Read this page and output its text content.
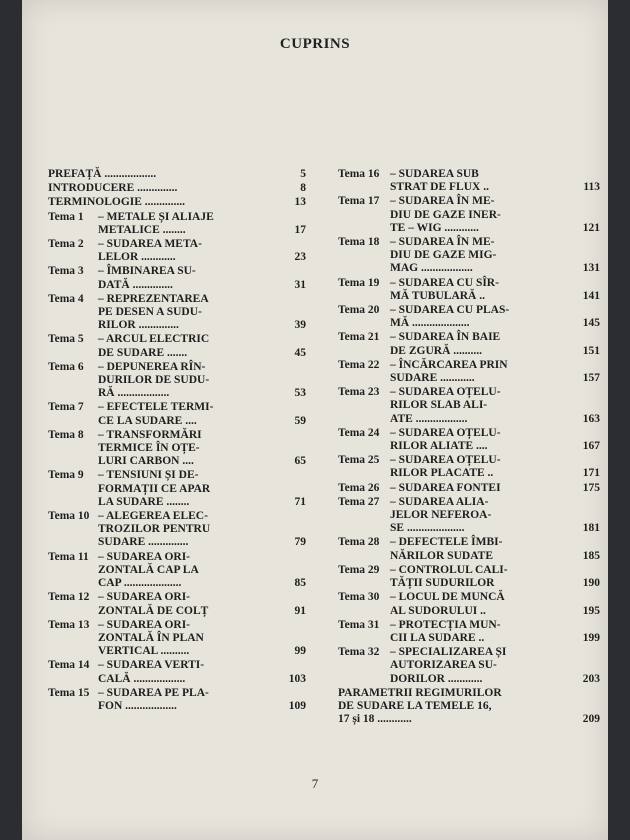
CUPRINS
PREFAȚĂ ..................	5
INTRODUCERE ..............	8
TERMINOLOGIE ..............	13
Tema 1	– METALE ȘI ALIAJE
METALICE ........	17
Tema 2	– SUDAREA META-
LELOR ............	23
Tema 3	– ÎMBINAREA SU-
DATĂ ..............	31
Tema 4	– REPREZENTAREA
PE DESEN A SUDU-
RILOR ..............	39
Tema 5	– ARCUL ELECTRIC
DE SUDARE .......	45
Tema 6	– DEPUNEREA RÎN-
DURILOR DE SUDU-
RĂ ..................	53
Tema 7	– EFECTELE TERMI-
CE LA SUDARE ....	59
Tema 8	– TRANSFORMĂRI
TERMICE ÎN OȚE-
LURI CARBON ....	65
Tema 9	– TENSIUNI ȘI DE-
FORMAȚII CE APAR
LA SUDARE ........	71
Tema 10 – ALEGEREA ELEC-
TROZILOR PENTRU
SUDARE ..............	79
Tema 11 – SUDAREA ORI-
ZONTALĂ CAP LA
CAP ....................	85
Tema 12 – SUDAREA ORI-
ZONTALĂ DE COLȚ	91
Tema 13 – SUDAREA ORI-
ZONTALĂ ÎN PLAN
VERTICAL ..........	99
Tema 14 – SUDAREA VERTI-
CALĂ ..................	103
Tema 15 – SUDAREA PE PLA-
FON ..................	109
Tema 16 – SUDAREA SUB
STRAT DE FLUX ..	113
Tema 17 – SUDAREA ÎN ME-
DIU DE GAZE INER-
TE – WIG ............	121
Tema 18 – SUDAREA ÎN ME-
DIU DE GAZE MIG-
MAG ..................	131
Tema 19 – SUDAREA CU SÎR-
MĂ TUBULARĂ ..	141
Tema 20 – SUDAREA CU PLAS-
MĂ ....................	145
Tema 21 – SUDAREA ÎN BAIE
DE ZGURĂ ..........	151
Tema 22 – ÎNCĂRCAREA PRIN
SUDARE ............	157
Tema 23 – SUDAREA OȚELU-
RILOR SLAB ALI-
ATE ..................	163
Tema 24 – SUDAREA OȚELU-
RILOR ALIATE ....	167
Tema 25 – SUDAREA OȚELU-
RILOR PLACATE ..	171
Tema 26 – SUDAREA FONTEI	175
Tema 27 – SUDAREA ALIA-
JELOR NEFEROA-
SE ....................	181
Tema 28 – DEFECTELE ÎMBI-
NĂRILOR SUDATE	185
Tema 29 – CONTROLUL CALI-
TĂȚII SUDURILOR	190
Tema 30 – LOCUL DE MUNCĂ
AL SUDORULUI ..	195
Tema 31 – PROTECȚIA MUN-
CII LA SUDARE ..	199
Tema 32 – SPECIALIZAREA ȘI
AUTORIZAREA SU-
DORILOR ............	203
PARAMETRII REGIMURILOR
DE SUDARE LA TEMELE 16,
17 și 18 ............	209
7
